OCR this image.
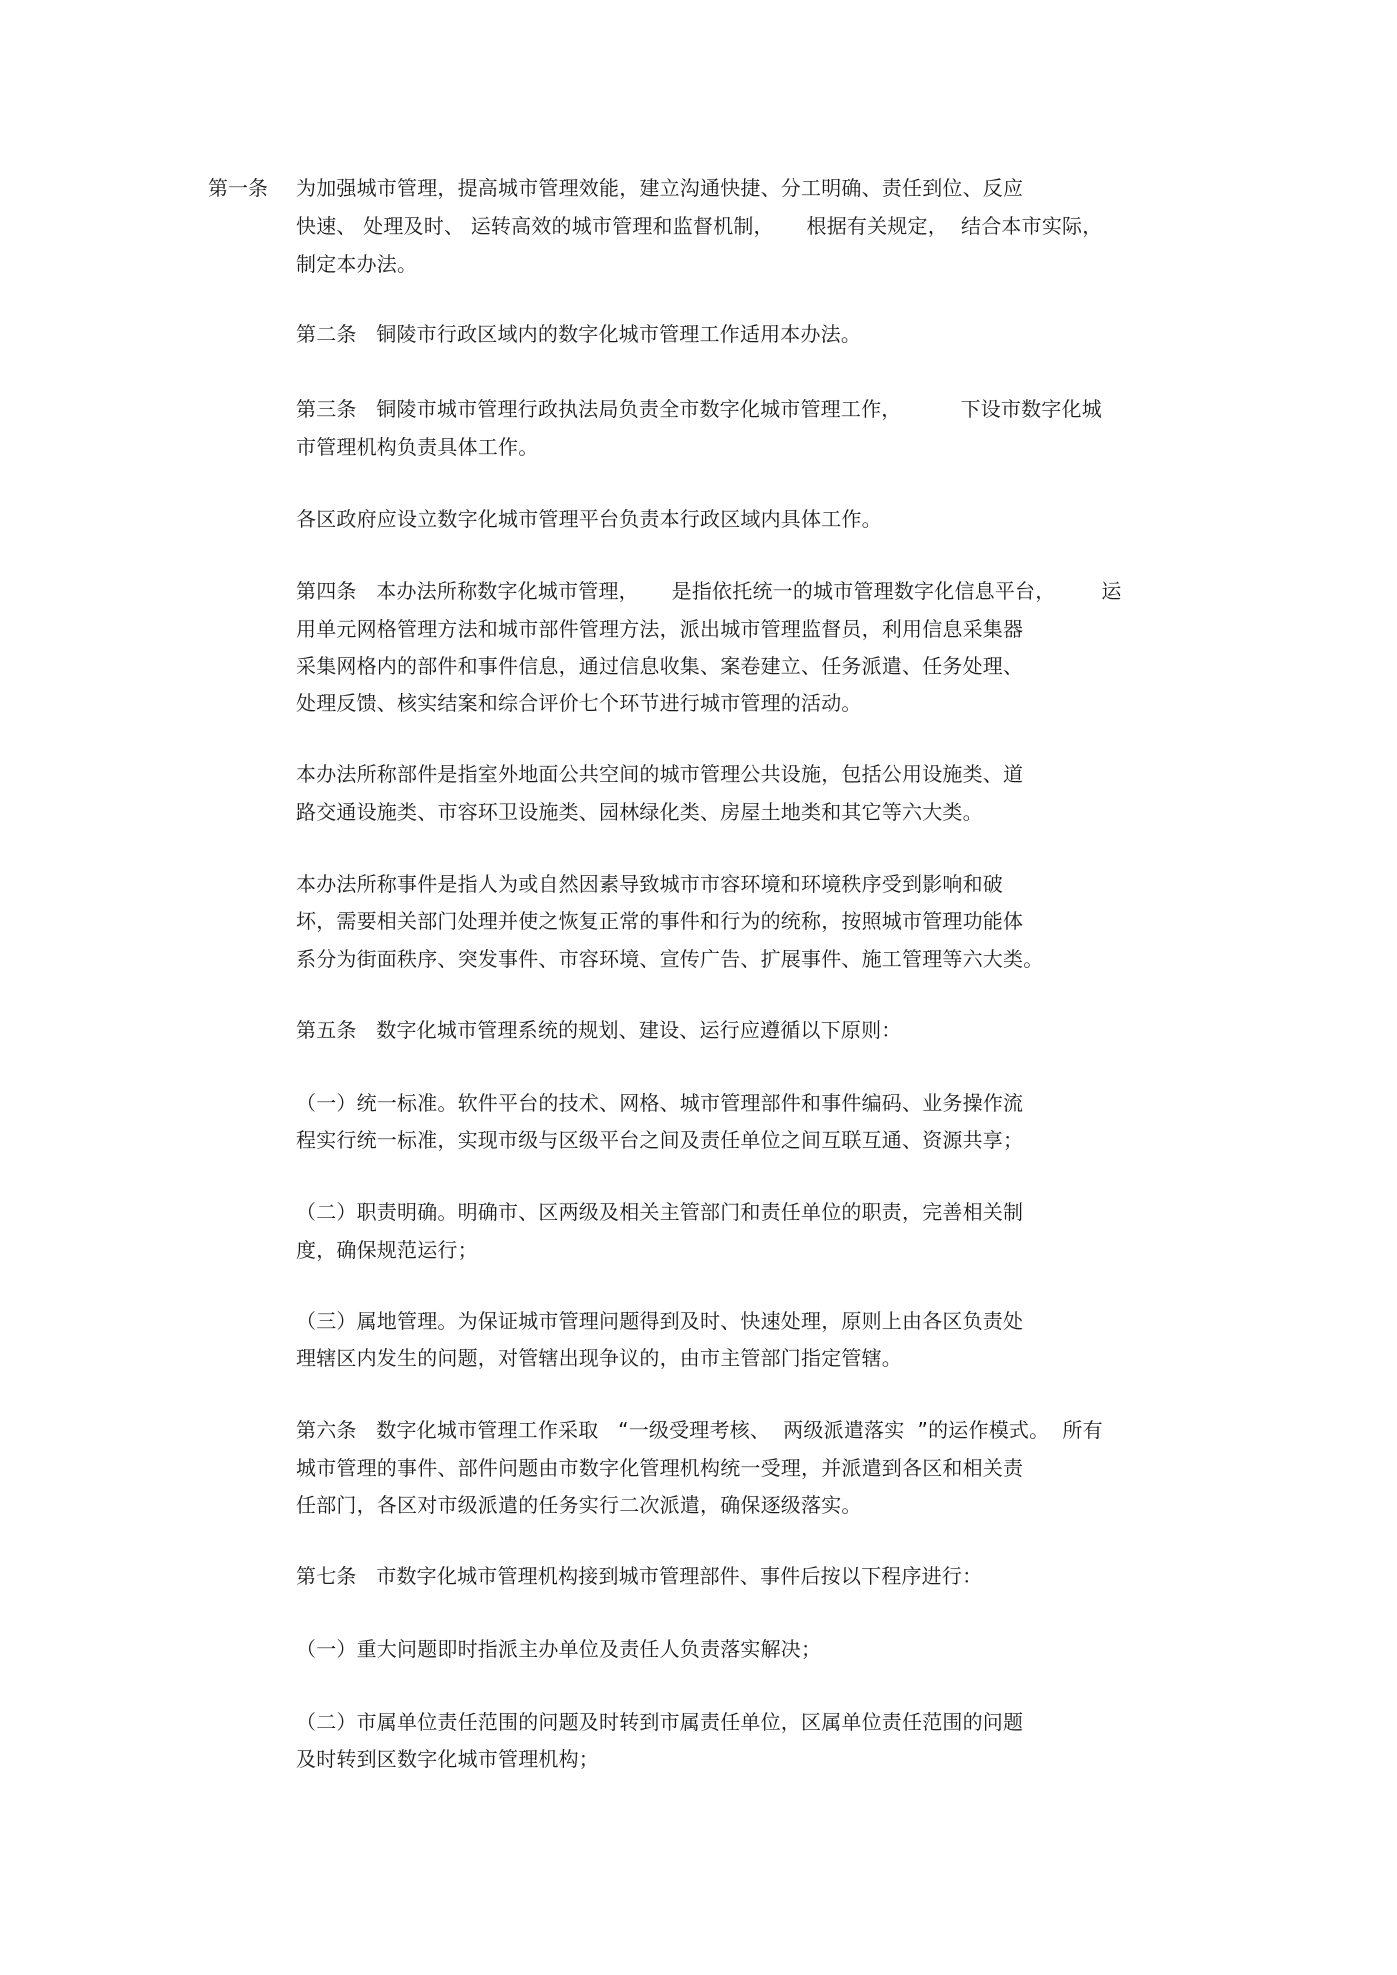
第一条 为加强城市管理，提高城市管理效能，建立沟通快捷、分工明确、责任到位、反应
快速、 处理及时、 运转高效的城市管理和监督机制，     根据有关规定，  结合本市实际，
制定本办法。
第二条   铜陵市行政区域内的数字化城市管理工作适用本办法。
第三条   铜陵市城市管理行政执法局负责全市数字化城市管理工作，         下设市数字化城
市管理机构负责具体工作。
各区政府应设立数字化城市管理平台负责本行政区域内具体工作。
第四条   本办法所称数字化城市管理，     是指依托统一的城市管理数字化信息平台，       运
用单元网格管理方法和城市部件管理方法，派出城市管理监督员，利用信息采集器
采集网格内的部件和事件信息，通过信息收集、案卷建立、任务派遣、任务处理、
处理反馈、核实结案和综合评价七个环节进行城市管理的活动。
本办法所称部件是指室外地面公共空间的城市管理公共设施，包括公用设施类、道
路交通设施类、市容环卫设施类、园林绿化类、房屋土地类和其它等六大类。
本办法所称事件是指人为或自然因素导致城市市容环境和环境秩序受到影响和破
坏，需要相关部门处理并使之恢复正常的事件和行为的统称，按照城市管理功能体
系分为街面秩序、突发事件、市容环境、宣传广告、扩展事件、施工管理等六大类。
第五条   数字化城市管理系统的规划、建设、运行应遵循以下原则：
（一）统一标准。软件平台的技术、网格、城市管理部件和事件编码、业务操作流
程实行统一标准，实现市级与区级平台之间及责任单位之间互联互通、资源共享；
（二）职责明确。明确市、区两级及相关主管部门和责任单位的职责，完善相关制
度，确保规范运行；
（三）属地管理。为保证城市管理问题得到及时、快速处理，原则上由各区负责处
理辖区内发生的问题，对管辖出现争议的，由市主管部门指定管辖。
第六条   数字化城市管理工作采取   “一级受理考核、  两级派遣落实  ”的运作模式。  所有
城市管理的事件、部件问题由市数字化管理机构统一受理，并派遣到各区和相关责
任部门，各区对市级派遣的任务实行二次派遣，确保逐级落实。
第七条   市数字化城市管理机构接到城市管理部件、事件后按以下程序进行：
（一）重大问题即时指派主办单位及责任人负责落实解决；
（二）市属单位责任范围的问题及时转到市属责任单位，区属单位责任范围的问题
及时转到区数字化城市管理机构；
